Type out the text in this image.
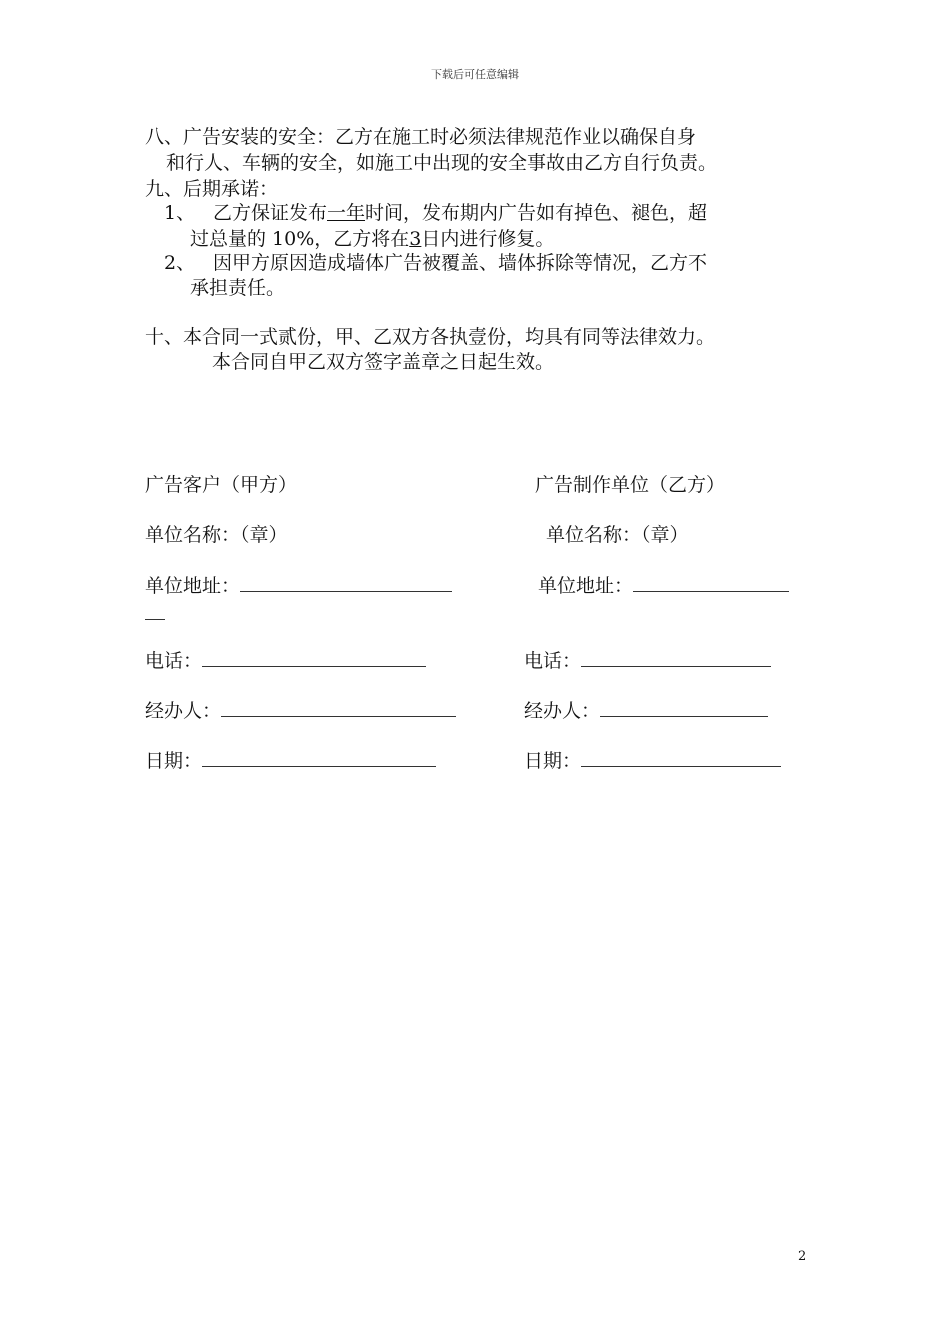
下载后可任意编辑
八、广告安装的安全：乙方在施工时必须法律规范作业以确保自身
和行人、车辆的安全，如施工中出现的安全事故由乙方自行负责。
九、后期承诺：
1、 乙方保证发布一年时间，发布期内广告如有掉色、褪色，超
过总量的 10%，乙方将在3日内进行修复。
2、 因甲方原因造成墙体广告被覆盖、墙体拆除等情况，乙方不
承担责任。
十、本合同一式贰份，甲、乙双方各执壹份，均具有同等法律效力。
本合同自甲乙双方签字盖章之日起生效。
广告客户（甲方）
单位名称：（章）
单位地址：
电话：
经办人：
日期：
广告制作单位（乙方）
单位名称：（章）
单位地址：
电话：
经办人：
日期：
2
